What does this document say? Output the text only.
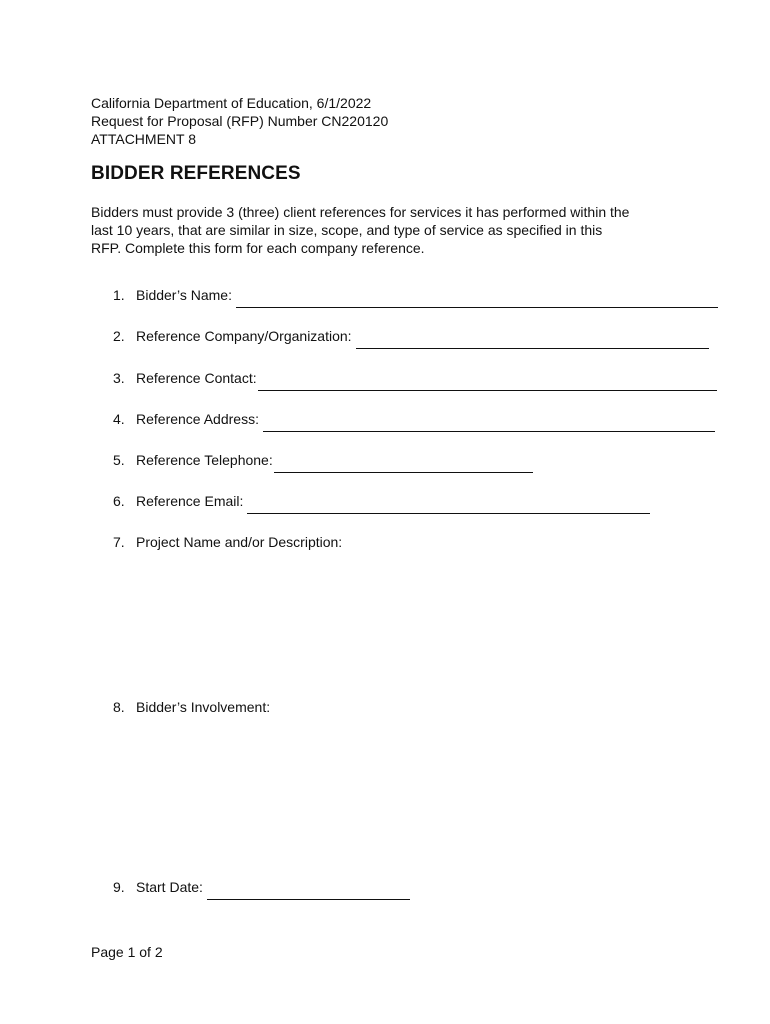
California Department of Education, 6/1/2022
Request for Proposal (RFP) Number CN220120
ATTACHMENT 8
BIDDER REFERENCES
Bidders must provide 3 (three) client references for services it has performed within the
last 10 years, that are similar in size, scope, and type of service as specified in this
RFP. Complete this form for each company reference.
1. Bidder’s Name:
2. Reference Company/Organization:
3. Reference Contact:
4. Reference Address:
5. Reference Telephone:
6. Reference Email:
7. Project Name and/or Description:
8. Bidder’s Involvement:
9. Start Date:
Page 1 of 2
